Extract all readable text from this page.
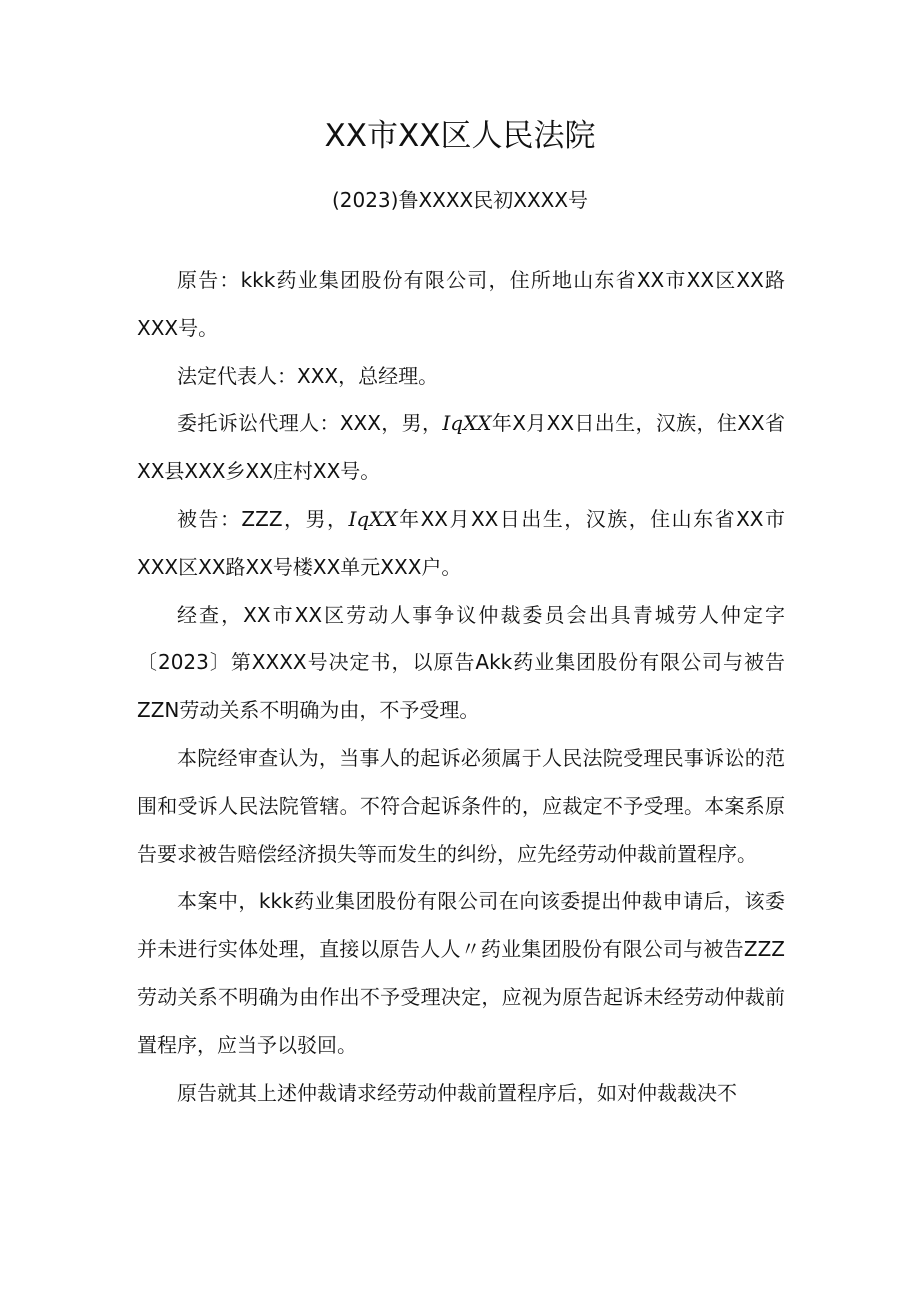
XX市XX区人民法院
(2023)鲁XXXX民初XXXX号

原告：kkk药业集团股份有限公司，住所地山东省XX市XX区XX路XXX号。

法定代表人：XXX，总经理。

委托诉讼代理人：XXX，男，IqXX年X月XX日出生，汉族，住XX省XX县XXX乡XX庄村XX号。

被告：ZZZ，男，IqXX年XX月XX日出生，汉族，住山东省XX市XXX区XX路XX号楼XX单元XXX户。

经查，XX市XX区劳动人事争议仲裁委员会出具青城劳人仲定字〔2023〕第XXXX号决定书，以原告Akk药业集团股份有限公司与被告ZZN劳动关系不明确为由，不予受理。

本院经审查认为，当事人的起诉必须属于人民法院受理民事诉讼的范围和受诉人民法院管辖。不符合起诉条件的，应裁定不予受理。本案系原告要求被告赔偿经济损失等而发生的纠纷，应先经劳动仲裁前置程序。

本案中，kkk药业集团股份有限公司在向该委提出仲裁申请后，该委并未进行实体处理，直接以原告人人〃药业集团股份有限公司与被告ZZZ劳动关系不明确为由作出不予受理决定，应视为原告起诉未经劳动仲裁前置程序，应当予以驳回。

原告就其上述仲裁请求经劳动仲裁前置程序后，如对仲裁裁决不
